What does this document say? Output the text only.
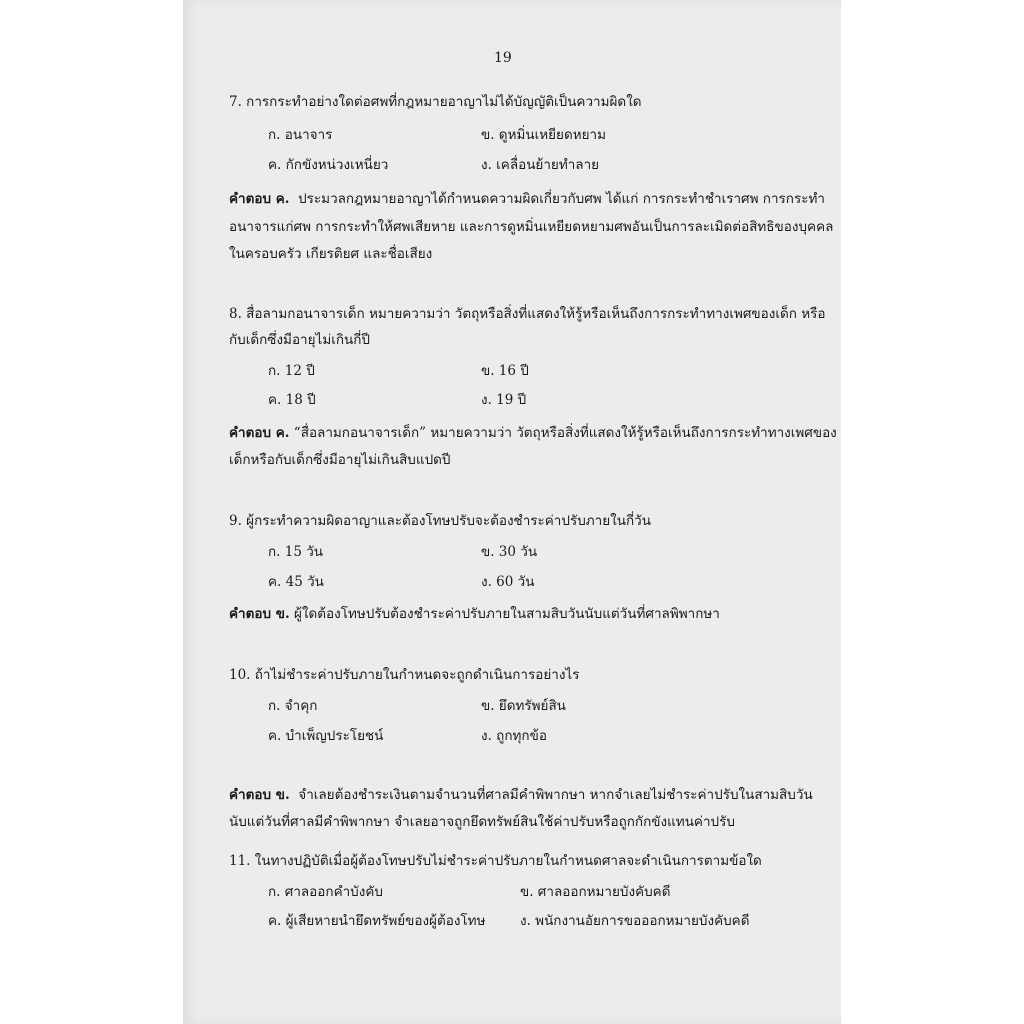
19
7. การกระทำอย่างใดต่อศพที่กฎหมายอาญาไม่ได้บัญญัติเป็นความผิดใด
ก. อนาจาร	ข. ดูหมิ่นเหยียดหยาม
ค. กักขังหน่วงเหนี่ยว	ง. เคลื่อนย้ายทำลาย
คำตอบ ค. ประมวลกฎหมายอาญาได้กำหนดความผิดเกี่ยวกับศพ ได้แก่ การกระทำชำเราศพ การกระทำ
อนาจารแก่ศพ การกระทำให้ศพเสียหาย และการดูหมิ่นเหยียดหยามศพอันเป็นการละเมิดต่อสิทธิของบุคคล
ในครอบครัว เกียรติยศ และชื่อเสียง
8. สื่อลามกอนาจารเด็ก หมายความว่า วัตถุหรือสิ่งที่แสดงให้รู้หรือเห็นถึงการกระทำทางเพศของเด็ก หรือ
กับเด็กซึ่งมีอายุไม่เกินกี่ปี
ก. 12 ปี	ข. 16 ปี
ค. 18 ปี	ง. 19 ปี
คำตอบ ค. “สื่อลามกอนาจารเด็ก” หมายความว่า วัตถุหรือสิ่งที่แสดงให้รู้หรือเห็นถึงการกระทำทางเพศของ
เด็กหรือกับเด็กซึ่งมีอายุไม่เกินสิบแปดปี
9. ผู้กระทำความผิดอาญาและต้องโทษปรับจะต้องชำระค่าปรับภายในกี่วัน
ก. 15 วัน	ข. 30 วัน
ค. 45 วัน	ง. 60 วัน
คำตอบ ข. ผู้ใดต้องโทษปรับต้องชำระค่าปรับภายในสามสิบวันนับแต่วันที่ศาลพิพากษา
10. ถ้าไม่ชำระค่าปรับภายในกำหนดจะถูกดำเนินการอย่างไร
ก. จำคุก	ข. ยึดทรัพย์สิน
ค. บำเพ็ญประโยชน์	ง. ถูกทุกข้อ
คำตอบ ข. จำเลยต้องชำระเงินตามจำนวนที่ศาลมีคำพิพากษา หากจำเลยไม่ชำระค่าปรับในสามสิบวัน
นับแต่วันที่ศาลมีคำพิพากษา จำเลยอาจถูกยึดทรัพย์สินใช้ค่าปรับหรือถูกกักขังแทนค่าปรับ
11. ในทางปฏิบัติเมื่อผู้ต้องโทษปรับไม่ชำระค่าปรับภายในกำหนดศาลจะดำเนินการตามข้อใด
ก. ศาลออกคำบังคับ	ข. ศาลออกหมายบังคับคดี
ค. ผู้เสียหายนำยึดทรัพย์ของผู้ต้องโทษ	ง. พนักงานอัยการขอออกหมายบังคับคดี
